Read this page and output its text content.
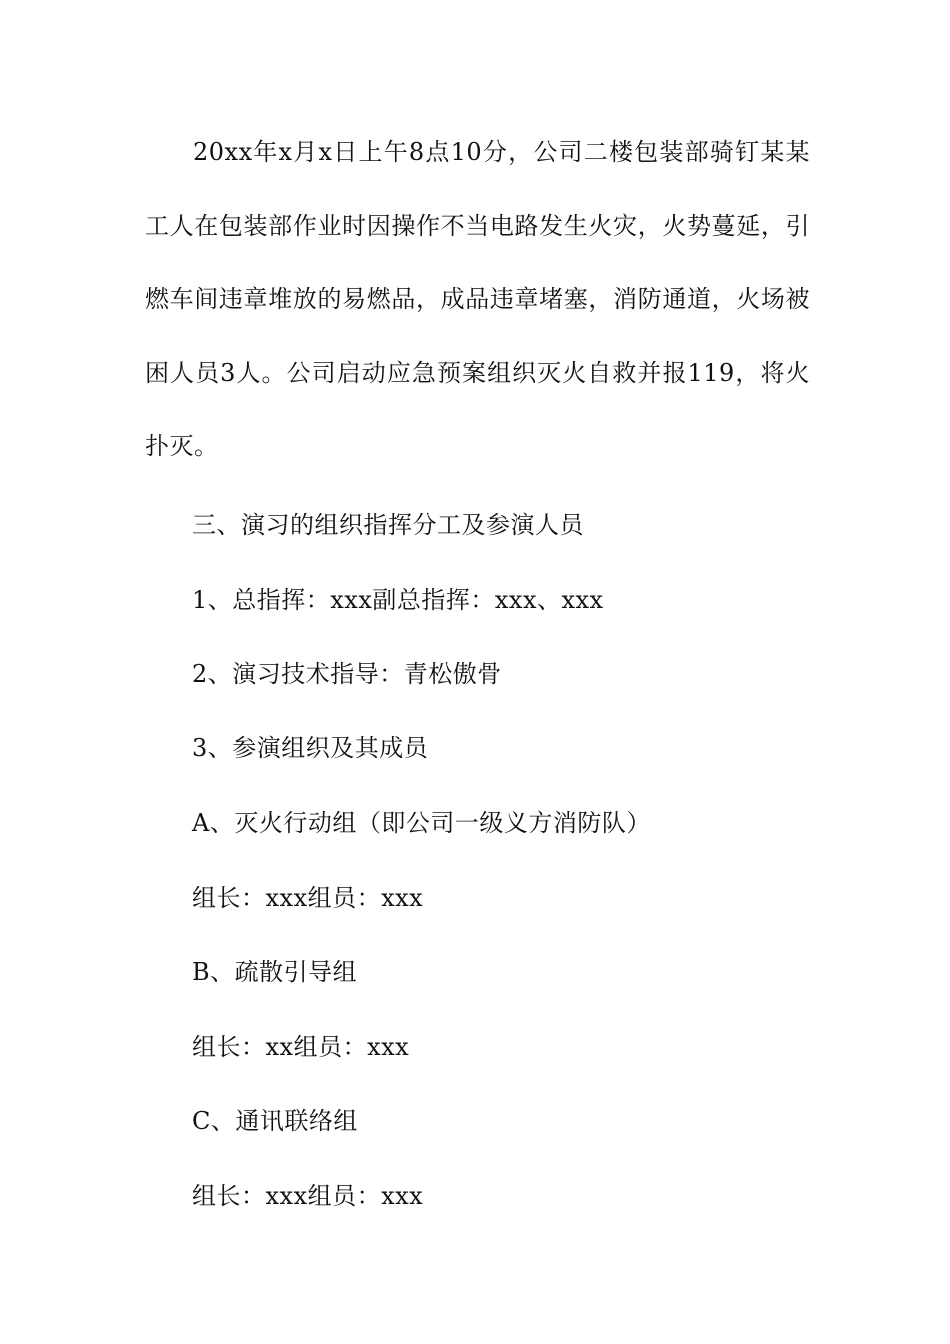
20xx年x月x日上午8点10分，公司二楼包装部骑钉某某工人在包装部作业时因操作不当电路发生火灾，火势蔓延，引燃车间违章堆放的易燃品，成品违章堵塞，消防通道，火场被困人员3人。公司启动应急预案组织灭火自救并报119，将火扑灭。

三、演习的组织指挥分工及参演人员

1、总指挥：xxx副总指挥：xxx、xxx

2、演习技术指导：青松傲骨

3、参演组织及其成员

A、灭火行动组（即公司一级义方消防队）

组长：xxx组员：xxx

B、疏散引导组

组长：xx组员：xxx

C、通讯联络组

组长：xxx组员：xxx
